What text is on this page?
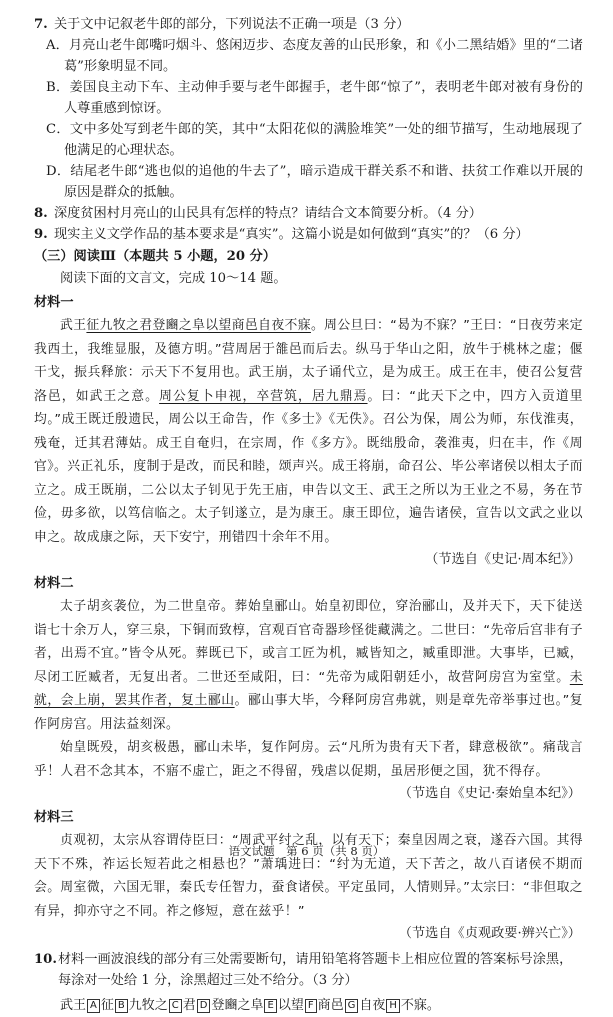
7. 关于文中记叙老牛郎的部分，下列说法不正确一项是（3 分）
A．月亮山老牛郎嘴叼烟斗、悠闲迈步、态度友善的山民形象，和《小二黑结婚》里的“二诸葛”形象明显不同。
B．姜国良主动下车、主动伸手要与老牛郎握手，老牛郎“惊了”，表明老牛郎对被有身份的人尊重感到惊讶。
C．文中多处写到老牛郎的笑，其中“太阳花似的满脸堆笑”一处的细节描写，生动地展现了他满足的心理状态。
D．结尾老牛郎“逃也似的追他的牛去了”，暗示造成干群关系不和谐、扶贫工作难以开展的原因是群众的抵触。
8. 深度贫困村月亮山的山民具有怎样的特点？请结合文本简要分析。（4 分）
9. 现实主义文学作品的基本要求是“真实”。这篇小说是如何做到“真实”的？（6 分）
（三）阅读Ⅲ（本题共 5 小题，20 分）
阅读下面的文言文，完成 10～14 题。
材料一
武王征九牧之君登豳之阜以望商邑自夜不寐。周公旦曰：“曷为不寐？”王曰：“日夜劳来定我西土，我维显服，及德方明。”营周居于雒邑而后去。纵马于华山之阳，放牛于桃林之虚；偃干戈，振兵释旅：示天下不复用也。武王崩，太子诵代立，是为成王。成王在丰，使召公复营洛邑，如武王之意。周公复卜申视，卒营筑，居九鼎焉。曰：“此天下之中，四方入贡道里均。”成王既迁殷遗民，周公以王命告，作《多士》《无佚》。召公为保，周公为师，东伐淮夷，残奄，迁其君薄姑。成王自奄归，在宗周，作《多方》。既绌殷命，袭淮夷，归在丰，作《周官》。兴正礼乐，度制于是改，而民和睦，颂声兴。成王将崩，命召公、毕公率诸侯以相太子而立之。成王既崩，二公以太子钊见于先王庙，申告以文王、武王之所以为王业之不易，务在节俭，毋多欲，以笃信临之。太子钊遂立，是为康王。康王即位，遍告诸侯，宣告以文武之业以申之。故成康之际，天下安宁，刑错四十余年不用。
（节选自《史记·周本纪》）
材料二
太子胡亥袭位，为二世皇帝。葬始皇郦山。始皇初即位，穿治郦山，及并天下，天下徒送诣七十余万人，穿三泉，下铜而致椁，宫观百官奇器珍怪徙藏满之。二世曰：“先帝后宫非有子者，出焉不宜。”皆令从死。葬既已下，或言工匠为机，臧皆知之，臧重即泄。大事毕，已臧，尽闭工匠臧者，无复出者。二世还至咸阳，曰：“先帝为咸阳朝廷小，故营阿房宫为室堂。未就，会上崩，罢其作者，复土郦山。郦山事大毕，今释阿房宫弗就，则是章先帝举事过也。”复作阿房宫。用法益刻深。
始皇既殁，胡亥极愚，郦山未毕，复作阿房。云“凡所为贵有天下者，肆意极欲”。痛哉言乎！人君不念其本，不寤不虚亡，距之不得留，残虐以促期，虽居形便之国，犹不得存。
（节选自《史记·秦始皇本纪》）
材料三
贞观初，太宗从容谓侍臣曰：“周武平纣之乱，以有天下；秦皇因周之衰，遂吞六国。其得天下不殊，祚运长短若此之相悬也？”萧瑀进曰：“纣为无道，天下苦之，故八百诸侯不期而会。周室微，六国无罪，秦氏专任智力，蚕食诸侯。平定虽同，人情则异。”太宗曰：“非但取之有异，抑亦守之不同。祚之修短，意在兹乎！”
（节选自《贞观政要·辨兴亡》）
10. 材料一画波浪线的部分有三处需要断句，请用铅笔将答题卡上相应位置的答案标号涂黑，每涂对一处给 1 分，涂黑超过三处不给分。（3 分）
武王 A 征 B 九牧之 C 君 D 登豳之阜 E 以望 F 商邑 G 自夜 H 不寐。
语文试题　第 6 页（共 8 页）
